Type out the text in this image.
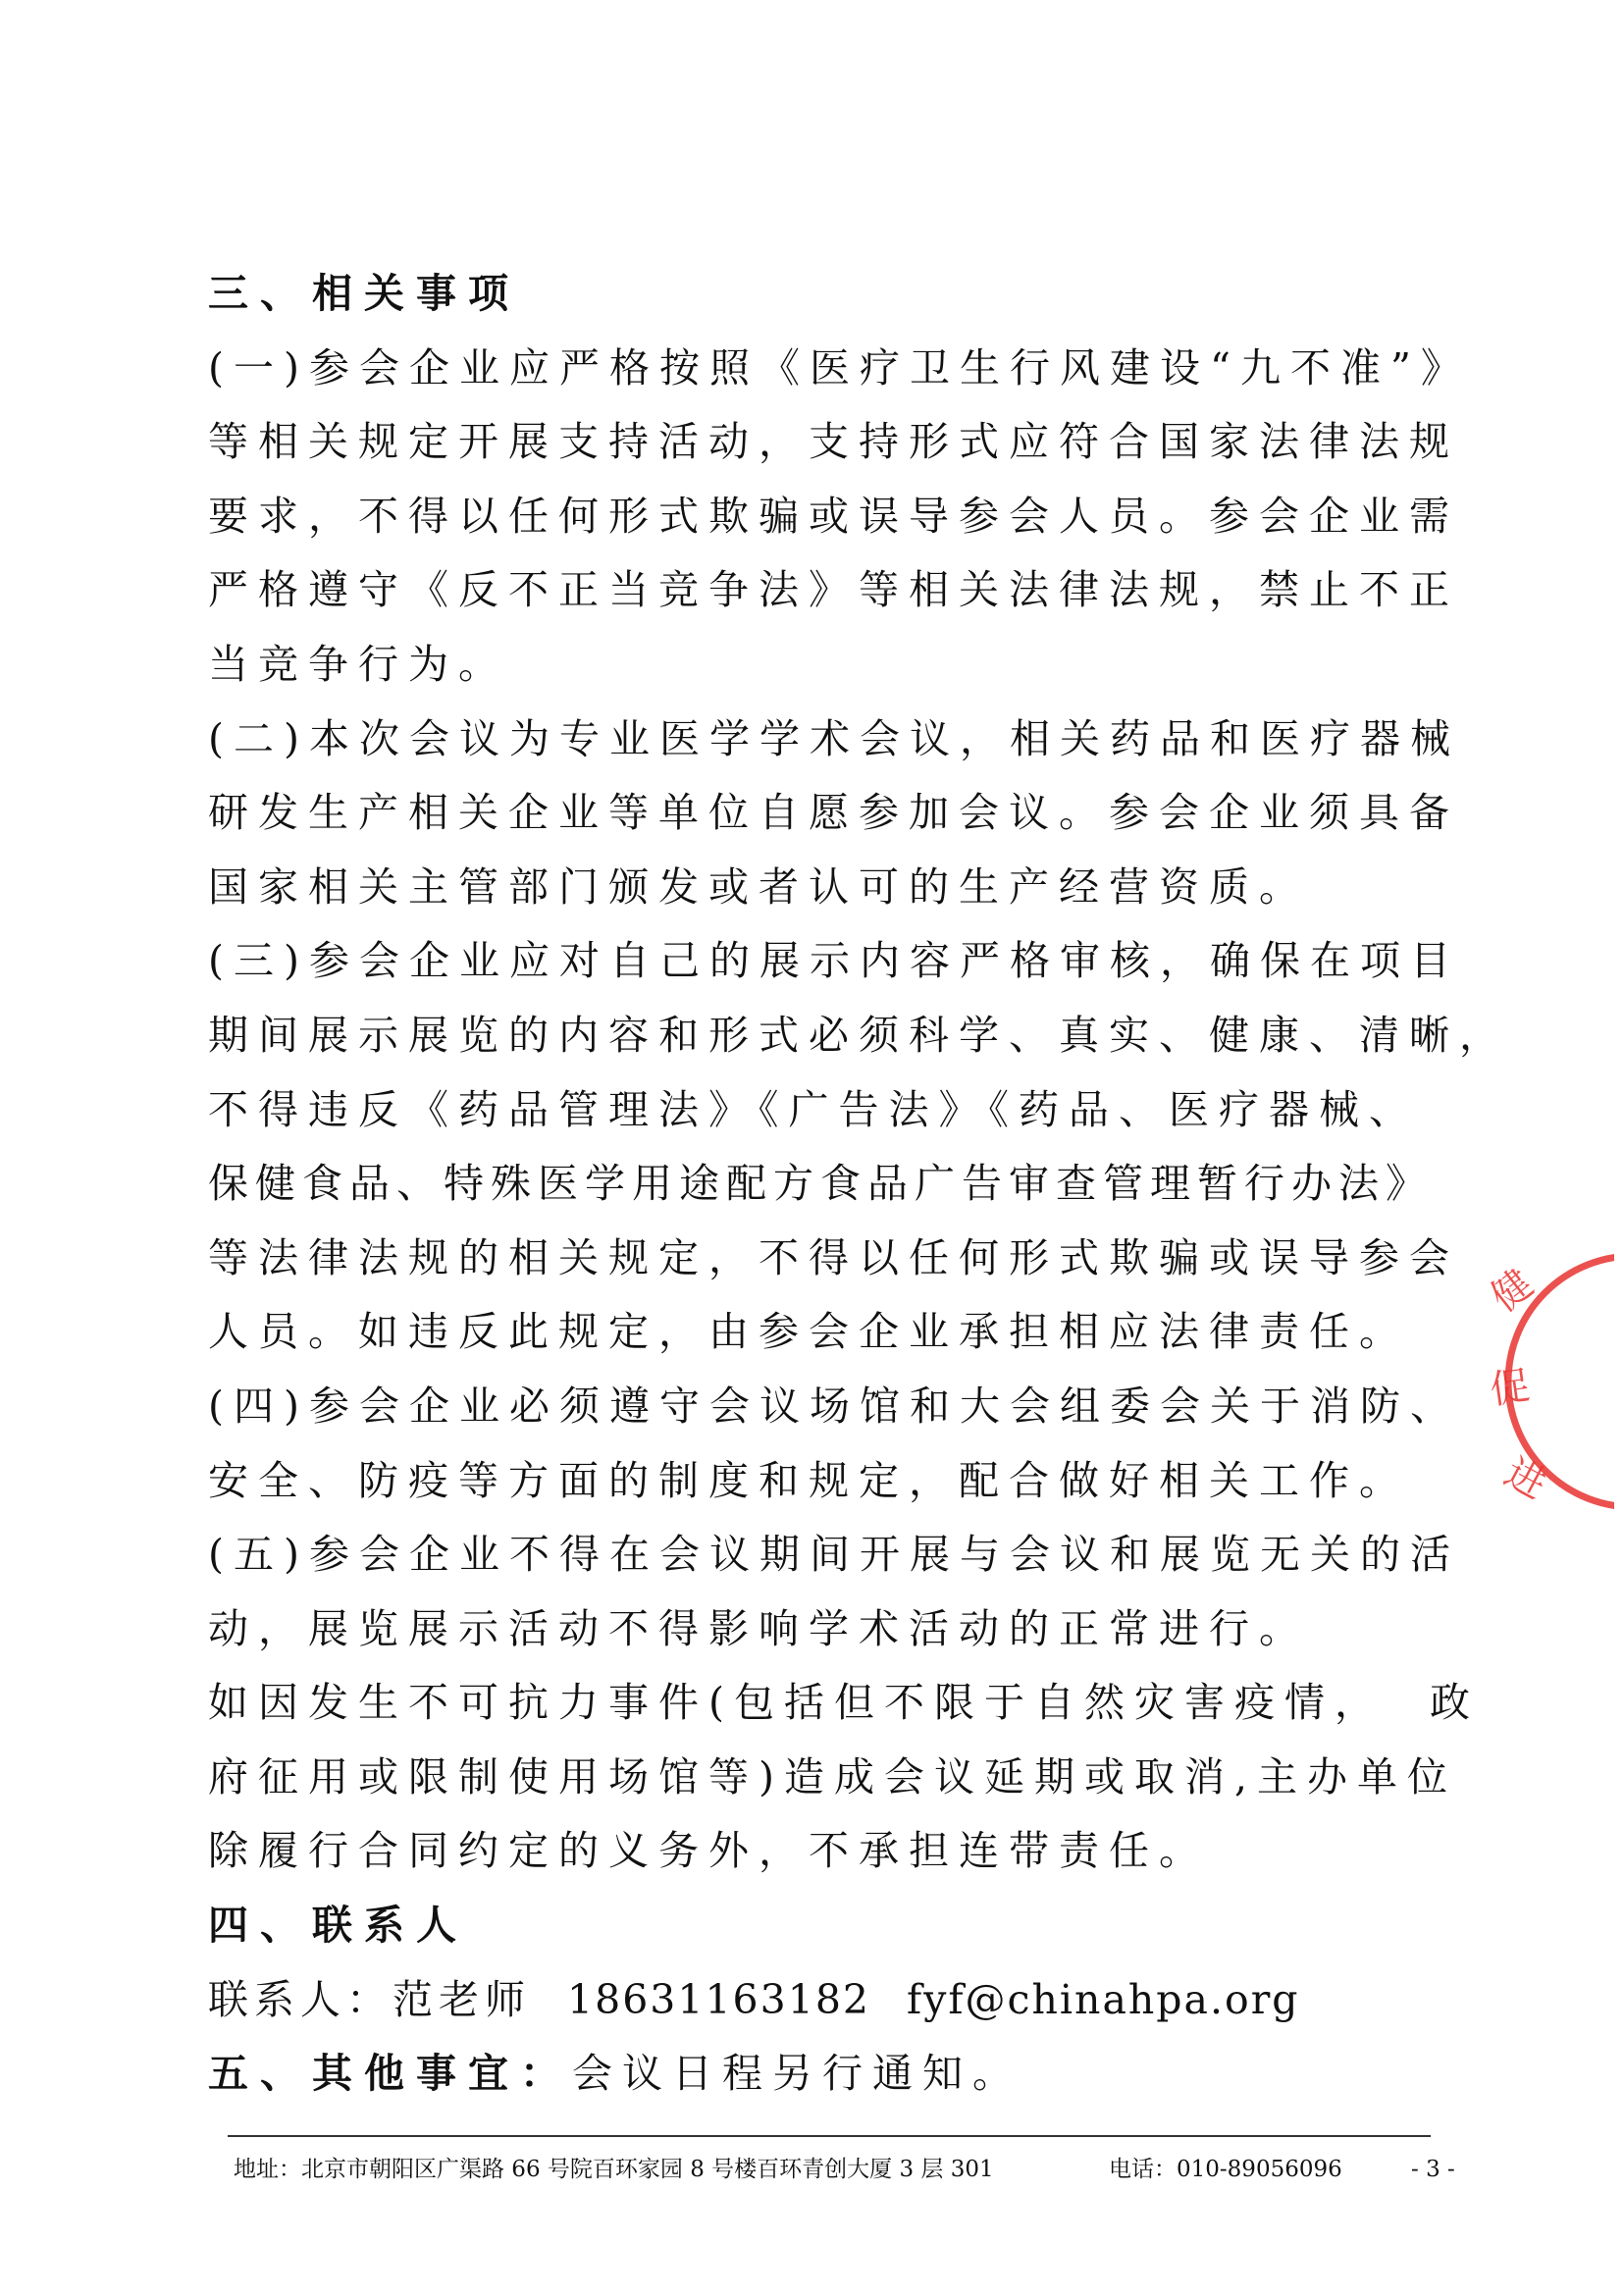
三、相关事项
(一)参会企业应严格按照《医疗卫生行风建设“九不准”》
等相关规定开展支持活动，支持形式应符合国家法律法规
要求，不得以任何形式欺骗或误导参会人员。参会企业需
严格遵守《反不正当竞争法》等相关法律法规，禁止不正
当竞争行为。
(二)本次会议为专业医学学术会议，相关药品和医疗器械
研发生产相关企业等单位自愿参加会议。参会企业须具备
国家相关主管部门颁发或者认可的生产经营资质。
(三)参会企业应对自己的展示内容严格审核，确保在项目
期间展示展览的内容和形式必须科学、真实、健康、清晰，
不得违反《药品管理法》《广告法》《药品、医疗器械、
保健食品、特殊医学用途配方食品广告审查管理暂行办法》
等法律法规的相关规定，不得以任何形式欺骗或误导参会
人员。如违反此规定，由参会企业承担相应法律责任。
(四)参会企业必须遵守会议场馆和大会组委会关于消防、
安全、防疫等方面的制度和规定，配合做好相关工作。
(五)参会企业不得在会议期间开展与会议和展览无关的活
动，展览展示活动不得影响学术活动的正常进行。
如因发生不可抗力事件(包括但不限于自然灾害疫情，  政
府征用或限制使用场馆等)造成会议延期或取消,主办单位
除履行合同约定的义务外，不承担连带责任。
四、联系人
联系人：范老师 18631163182 fyf@chinahpa.org
五、其他事宜：会议日程另行通知。
健
促
进
地址：北京市朝阳区广渠路 66 号院百环家园 8 号楼百环青创大厦 3 层 301	电话：010-89056096	- 3 -
